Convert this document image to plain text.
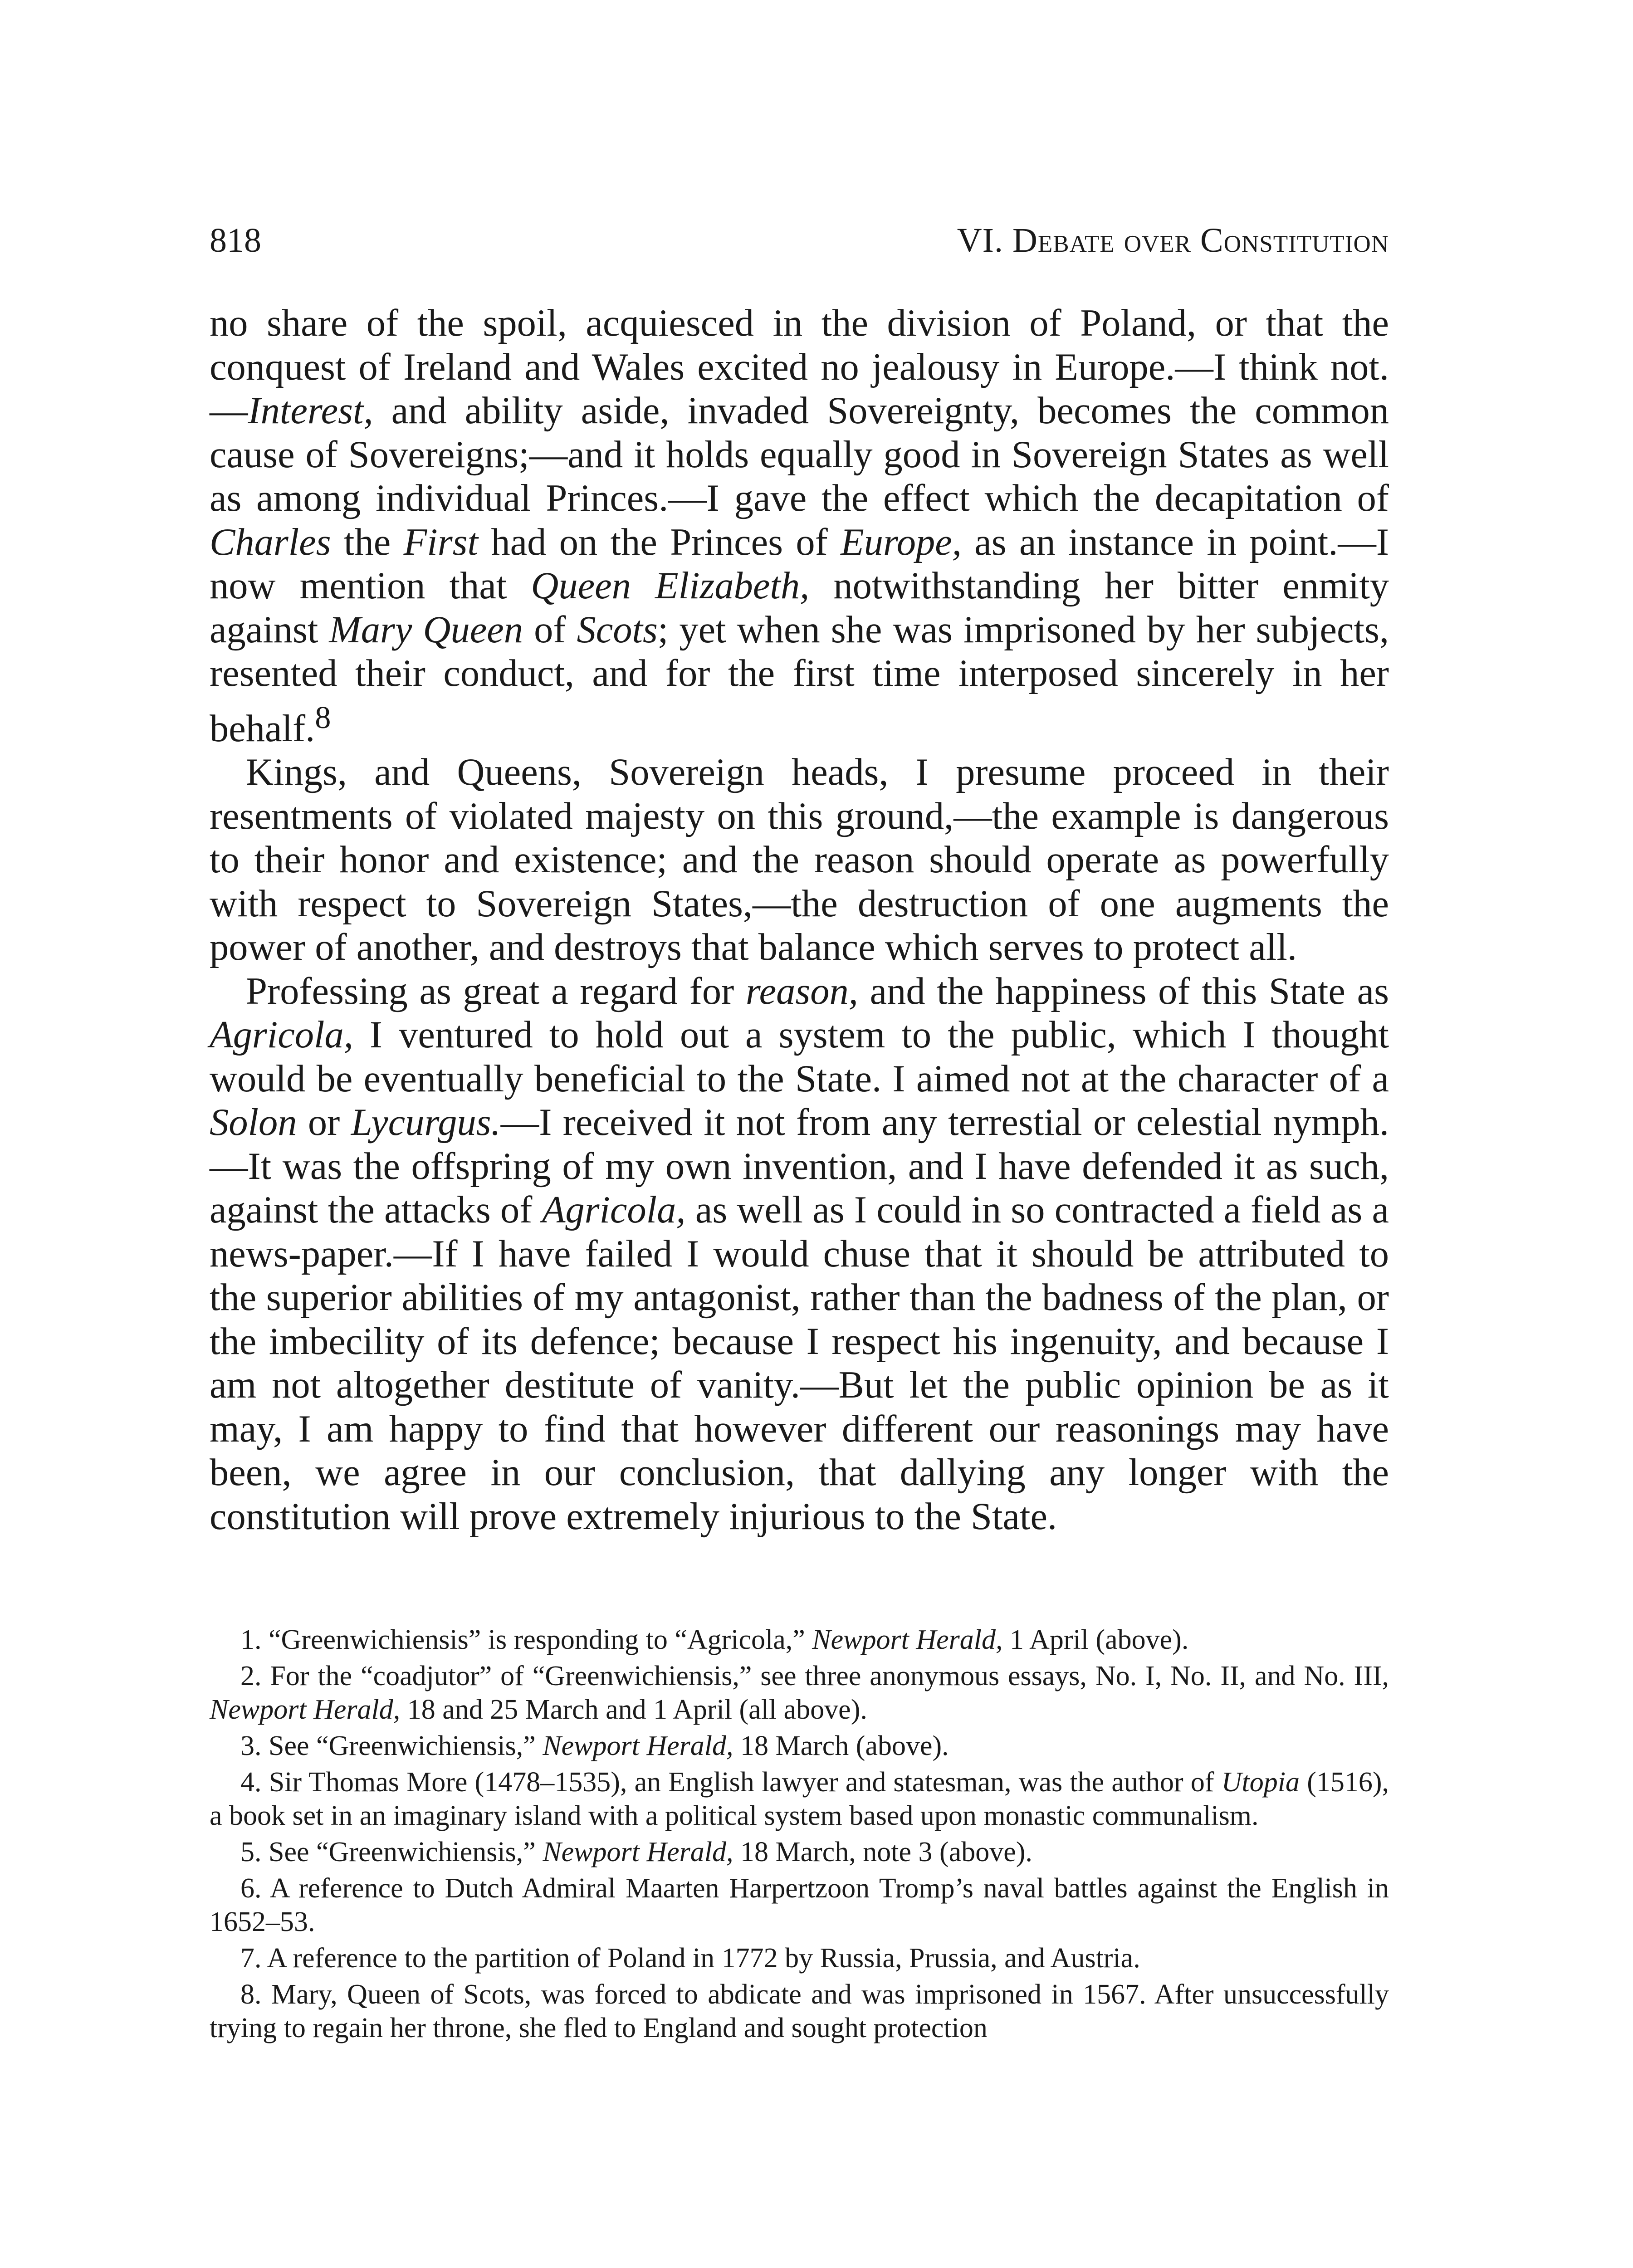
818	VI. Debate over Constitution

no share of the spoil, acquiesced in the division of Poland, or that the conquest of Ireland and Wales excited no jealousy in Europe.—I think not.—Interest, and ability aside, invaded Sovereignty, becomes the common cause of Sovereigns;—and it holds equally good in Sovereign States as well as among individual Princes.—I gave the effect which the decapitation of Charles the First had on the Princes of Europe, as an instance in point.—I now mention that Queen Elizabeth, notwithstanding her bitter enmity against Mary Queen of Scots; yet when she was imprisoned by her subjects, resented their conduct, and for the first time interposed sincerely in her behalf.$^8$

Kings, and Queens, Sovereign heads, I presume proceed in their resentments of violated majesty on this ground,—the example is dangerous to their honor and existence; and the reason should operate as powerfully with respect to Sovereign States,—the destruction of one augments the power of another, and destroys that balance which serves to protect all.

Professing as great a regard for reason, and the happiness of this State as Agricola, I ventured to hold out a system to the public, which I thought would be eventually beneficial to the State. I aimed not at the character of a Solon or Lycurgus.—I received it not from any terrestial or celestial nymph.—It was the offspring of my own invention, and I have defended it as such, against the attacks of Agricola, as well as I could in so contracted a field as a news-paper.—If I have failed I would chuse that it should be attributed to the superior abilities of my antagonist, rather than the badness of the plan, or the imbecility of its defence; because I respect his ingenuity, and because I am not altogether destitute of vanity.—But let the public opinion be as it may, I am happy to find that however different our reasonings may have been, we agree in our conclusion, that dallying any longer with the constitution will prove extremely injurious to the State.

1. “Greenwichiensis” is responding to “Agricola,” Newport Herald, 1 April (above).

2. For the “coadjutor” of “Greenwichiensis,” see three anonymous essays, No. I, No. II, and No. III, Newport Herald, 18 and 25 March and 1 April (all above).

3. See “Greenwichiensis,” Newport Herald, 18 March (above).

4. Sir Thomas More (1478–1535), an English lawyer and statesman, was the author of Utopia (1516), a book set in an imaginary island with a political system based upon monastic communalism.

5. See “Greenwichiensis,” Newport Herald, 18 March, note 3 (above).

6. A reference to Dutch Admiral Maarten Harpertzoon Tromp’s naval battles against the English in 1652–53.

7. A reference to the partition of Poland in 1772 by Russia, Prussia, and Austria.

8. Mary, Queen of Scots, was forced to abdicate and was imprisoned in 1567. After unsuccessfully trying to regain her throne, she fled to England and sought protection
